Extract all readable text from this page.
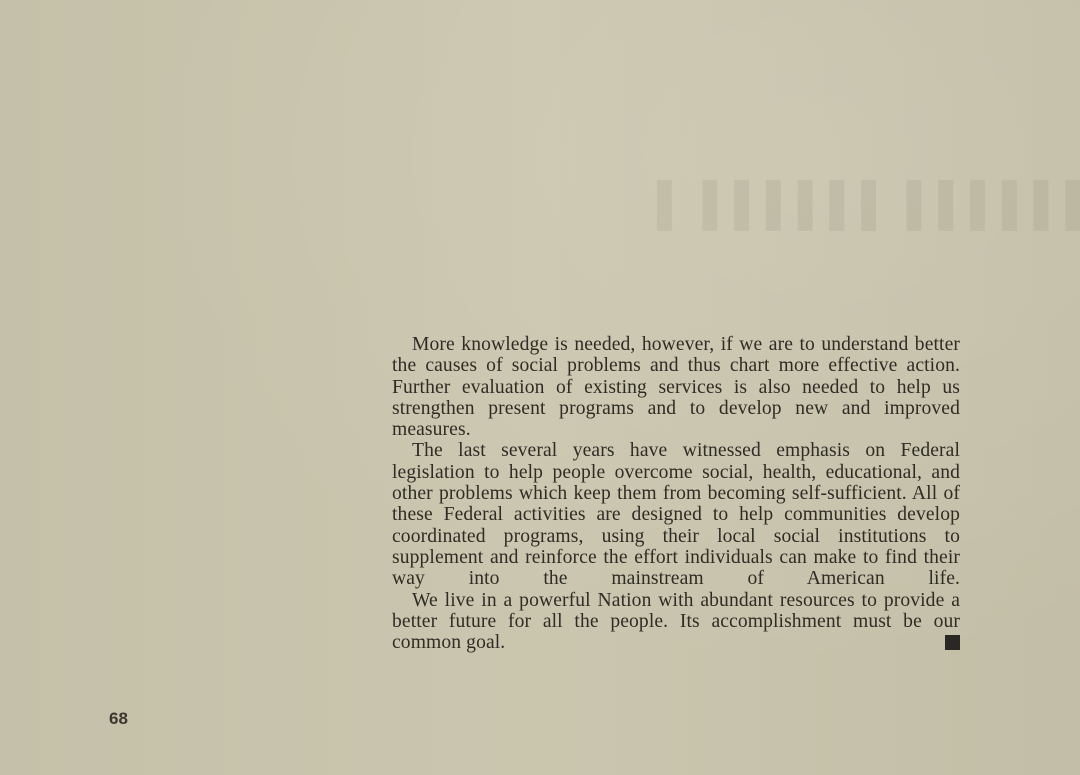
▌▌▌▌▌▌ ▌▌▌▌▌▌ ▌

More knowledge is needed, however, if we are to understand better the causes of social problems and thus chart more effective action. Further evaluation of existing services is also needed to help us strengthen present programs and to develop new and improved measures.

The last several years have witnessed emphasis on Federal legislation to help people overcome social, health, educational, and other problems which keep them from becoming self-sufficient. All of these Federal activities are designed to help communities develop coordinated programs, using their local social institutions to supplement and reinforce the effort individuals can make to find their way into the mainstream of American life.

We live in a powerful Nation with abundant resources to provide a better future for all the people. Its accomplishment must be our common goal.

68
